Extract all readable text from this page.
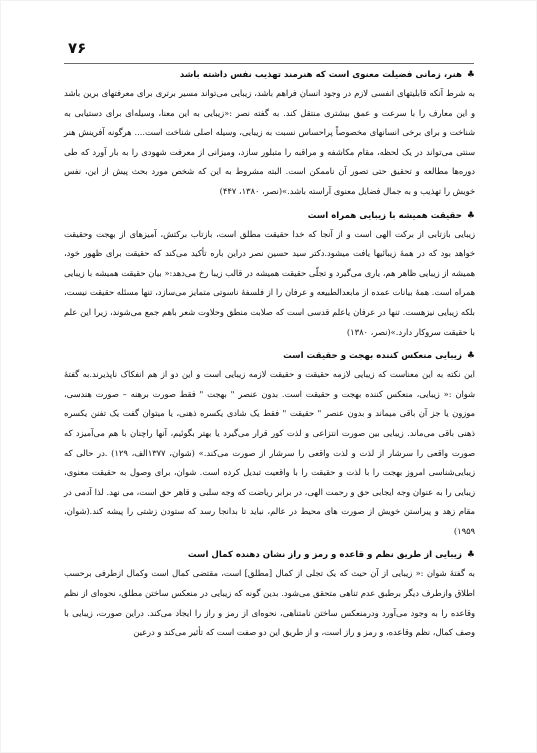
۷۶
♣هنر، زمانی فضیلت معنوی است که هنرمند تهذیب نفس داشته باشد

به شرط آنکه قابلیتهای انفسی لازم در وجود انسان فراهم باشد، زیبایی می‌تواند مسیر برتری برای معرفتهای برین باشد و این معارف را با سرعت و عمق بیشتری منتقل کند. به گفته نصر :«زیبایی به این معنا، وسیله‌ای برای دستیابی به شناخت و برای برخی انسانهای مخصوصاً پراحساس نسبت به زیبایی، وسیله اصلی شناخت است.... هرگونه آفرینش هنر سنتی می‌تواند در یک لحظه، مقام مکاشفه و مراقبه را متبلور سازد، ومیزانی از معرفت شهودی را به بار آورد که طی دوره‌ها مطالعه و تحقیق حتی تصور آن ناممکن است. البته مشروط به این که شخص مورد بحث پیش از این، نفس خویش را تهذیب و به جمال فضایل معنوی آراسته باشد.»(نصر، ۱۳۸۰، ۴۴۷)

♣حقیقت همیشه با زیبایی همراه است

زیبایی بازتابی از برکت الهی است و از آنجا که خدا حقیقت مطلق است، بازتاب برکتش، آمیزهای از بهجت وحقیقت خواهد بود که در همهٔ زیبائیها یافت میشود.دکتر سید حسین نصر دراین باره تأکید می‌کند که حقیقت برای ظهور خود، همیشه از زیبایی ظاهر هم، یاری می‌گیرد و تجلّی حقیقت همیشه در قالب زیبا رخ می‌دهد:« بیان حقیقت همیشه با زیبایی همراه است. همهٔ بیانات عمده از مابعدالطبیعه و عرفان را از فلسفهٔ ناسوتی متمایز می‌سازد، تنها مسئله حقیقت نیست، بلکه زیبایی نیزهست. تنها در عرفان یاعلم قدسی است که صلابت منطق وحلاوت شعر باهم جمع می‌شوند، زیرا این علم با حقیقت سروکار دارد.»(نصر، ۱۳۸۰)

♣زیبایی منعکس کننده بهجت و حقیقت است

این نکته به این معناست که زیبایی لازمه حقیقت و حقیقت لازمه زیبایی است و این دو از هم انفکاک ناپذیرند.به گفتهٔ شوان :« زیبایی، منعکس کننده بهجت و حقیقت است. بدون عنصر " بهجت " فقط صورت برهنه – صورت هندسی، موزون یا جز آن باقی میماند و بدون عنصر " حقیقت " فقط یک شادی یکسره ذهنی، یا میتوان گفت یک تفنن یکسره ذهنی باقی می‌ماند. زیبایی بین صورت انتزاعی و لذت کور قرار می‌گیرد یا بهتر بگوئیم، آنها راچنان با هم می‌آمیزد که صورت واقعی را سرشار از لذت و لذت واقعی را سرشار از صورت می‌کند.» (شوان، ۱۳۷۷الف، ۱۲۹) .در حالی که زیبایی‌شناسی امروز بهجت را با لذت و حقیقت را با واقعیت تبدیل کرده است. شوان، برای وصول به حقیقت معنوی، زیبایی را به عنوان وجه ایجابی حق و رحمت الهی، در برابر ریاضت که وجه سلبی و قاهر حق است، می نهد. لذا آدمی در مقام زهد و پیراستن خویش از صورت های محیط در عالم، نباید تا بدانجا رسد که ستودن زشتی را پیشه کند.(شوان، ۱۹۵۹)

♣زیبایی از طریق نظم و قاعده و رمز و راز نشان دهنده کمال است

به گفتهٔ شوان :« زیبایی از آن حیث که یک تجلی از کمال [مطلق] است، مقتضی کمال است وکمال ازطرفی برحسب اطلاق وازطرف دیگر برطبق عدم تناهی متحقق می‌شود. بدین گونه که زیبایی در منعکس ساختن مطلق، نحوه‌ای از نظم وقاعده را به وجود می‌آورد ودرمنعکس ساختن نامتناهی، نحوه‌ای از رمز و راز را ایجاد می‌کند. دراین صورت، زیبایی با وصف کمال، نظم وقاعده، و رمز و راز است، و از طریق این دو صفت است که تأثیر می‌کند و درعین
